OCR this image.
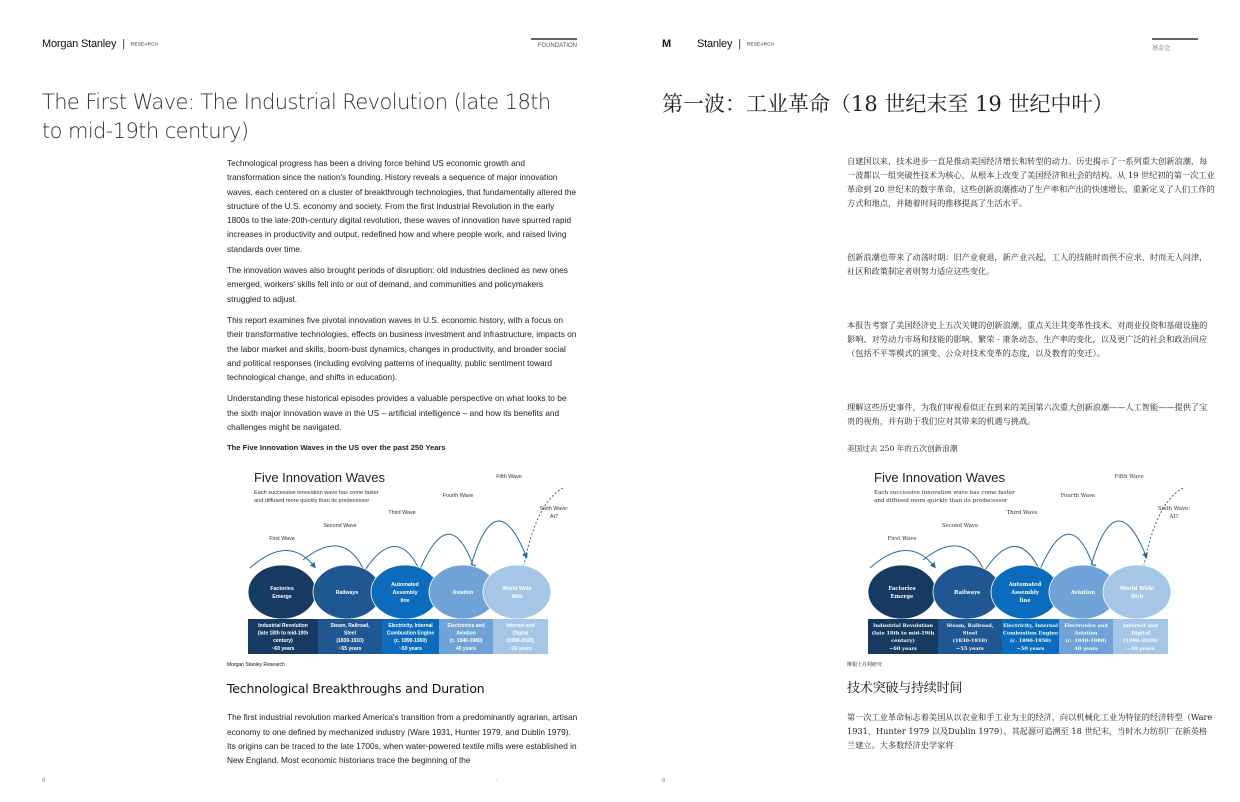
Morgan Stanley | RESEARCH	FOUNDATION
The First Wave: The Industrial Revolution (late 18th to mid-19th century)

Technological progress has been a driving force behind US economic growth and transformation since the nation's founding. History reveals a sequence of major innovation waves, each centered on a cluster of breakthrough technologies, that fundamentally altered the structure of the U.S. economy and society. From the first Industrial Revolution in the early 1800s to the late-20th-century digital revolution, these waves of innovation have spurred rapid increases in productivity and output, redefined how and where people work, and raised living standards over time.

The innovation waves also brought periods of disruption: old industries declined as new ones emerged, workers' skills fell into or out of demand, and communities and policymakers struggled to adjust.

This report examines five pivotal innovation waves in U.S. economic history, with a focus on their transformative technologies, effects on business investment and infrastructure, impacts on the labor market and skills, boom-bust dynamics, changes in productivity, and broader social and political responses (including evolving patterns of inequality, public sentiment toward technological change, and shifts in education).

Understanding these historical episodes provides a valuable perspective on what looks to be the sixth major innovation wave in the US – artificial intelligence – and how its benefits and challenges might be navigated.

The Five Innovation Waves in the US over the past 250 Years
Five Innovation Waves
Each successive innovation wave has come faster
and diffused more quickly than its predecessor
First Wave
Second Wave
Third Wave
Fourth Wave
Fifth Wave
Sixth Wave:
AI?
Factories
Emerge
Railways
Automated
Assembly
line
Aviation
World Wide
Web
Industrial Revolution
(late 18th to mid-19th
century)
~60 years
Steam, Railroad,
Steel
(1830-1910)
~55 years
Electricity, Internal
Combustion Engine
(c. 1890-1950)
~50 years
Electronics and
Aviation
(c. 1940-1980)
40 years
Internet and
Digital
(1990-2020)
~30 years
Morgan Stanley Research
Technological Breakthroughs and Duration

The first industrial revolution marked America's transition from a predominantly agrarian, artisan economy to one defined by mechanized industry (Ware 1931, Hunter 1979, and Dublin 1979). Its origins can be traced to the late 1700s, when water-powered textile mills were established in New England. Most economic historians trace the beginning of the

8	·
M Stanley | RESEARCH
基金会
第一波：工业革命（18 世纪末至 19 世纪中叶）

自建国以来，技术进步一直是推动美国经济增长和转型的动力。历史揭示了一系列重大创新浪潮，每一波都以一组突破性技术为核心，从根本上改变了美国经济和社会的结构。从 19 世纪初的第一次工业革命到 20 世纪末的数字革命，这些创新浪潮推动了生产率和产出的快速增长，重新定义了人们工作的方式和地点，并随着时间的推移提高了生活水平。

创新浪潮也带来了动荡时期：旧产业衰退，新产业兴起，工人的技能时而供不应求、时而无人问津，社区和政策制定者则努力适应这些变化。

本报告考察了美国经济史上五次关键的创新浪潮，重点关注其变革性技术、对商业投资和基础设施的影响、对劳动力市场和技能的影响、繁荣 - 萧条动态、生产率的变化，以及更广泛的社会和政治回应（包括不平等模式的演变、公众对技术变革的态度，以及教育的变迁）。

理解这些历史事件，为我们审视看似正在到来的美国第六次重大创新浪潮——人工智能——提供了宝贵的视角，并有助于我们应对其带来的机遇与挑战。

美国过去 250 年的五次创新浪潮
Five Innovation Waves
Each successive innovation wave has come faster
and diffused more quickly than its predecessor
First Wave
Second Wave
Third Wave
Fourth Wave
Fifth Wave
Sixth Wave:
AI?
Factories
Emerge
Railways
Automated
Assembly
line
Aviation
World Wide
Web
Industrial Revolution
(late 18th to mid-19th
century)
~60 years
Steam, Railroad,
Steel
(1830-1910)
~55 years
Electricity, Internal
Combustion Engine
(c. 1890-1950)
~50 years
Electronics and
Aviation
(c. 1940-1980)
40 years
Internet and
Digital
(1990-2020)
~30 years
摩根士丹利研究
技术突破与持续时间

第一次工业革命标志着美国从以农业和手工业为主的经济，向以机械化工业为特征的经济转型（Ware 1931、Hunter 1979 以及Dublin 1979）。其起源可追溯至 18 世纪末，当时水力纺织厂在新英格兰建立。大多数经济史学家将

8
